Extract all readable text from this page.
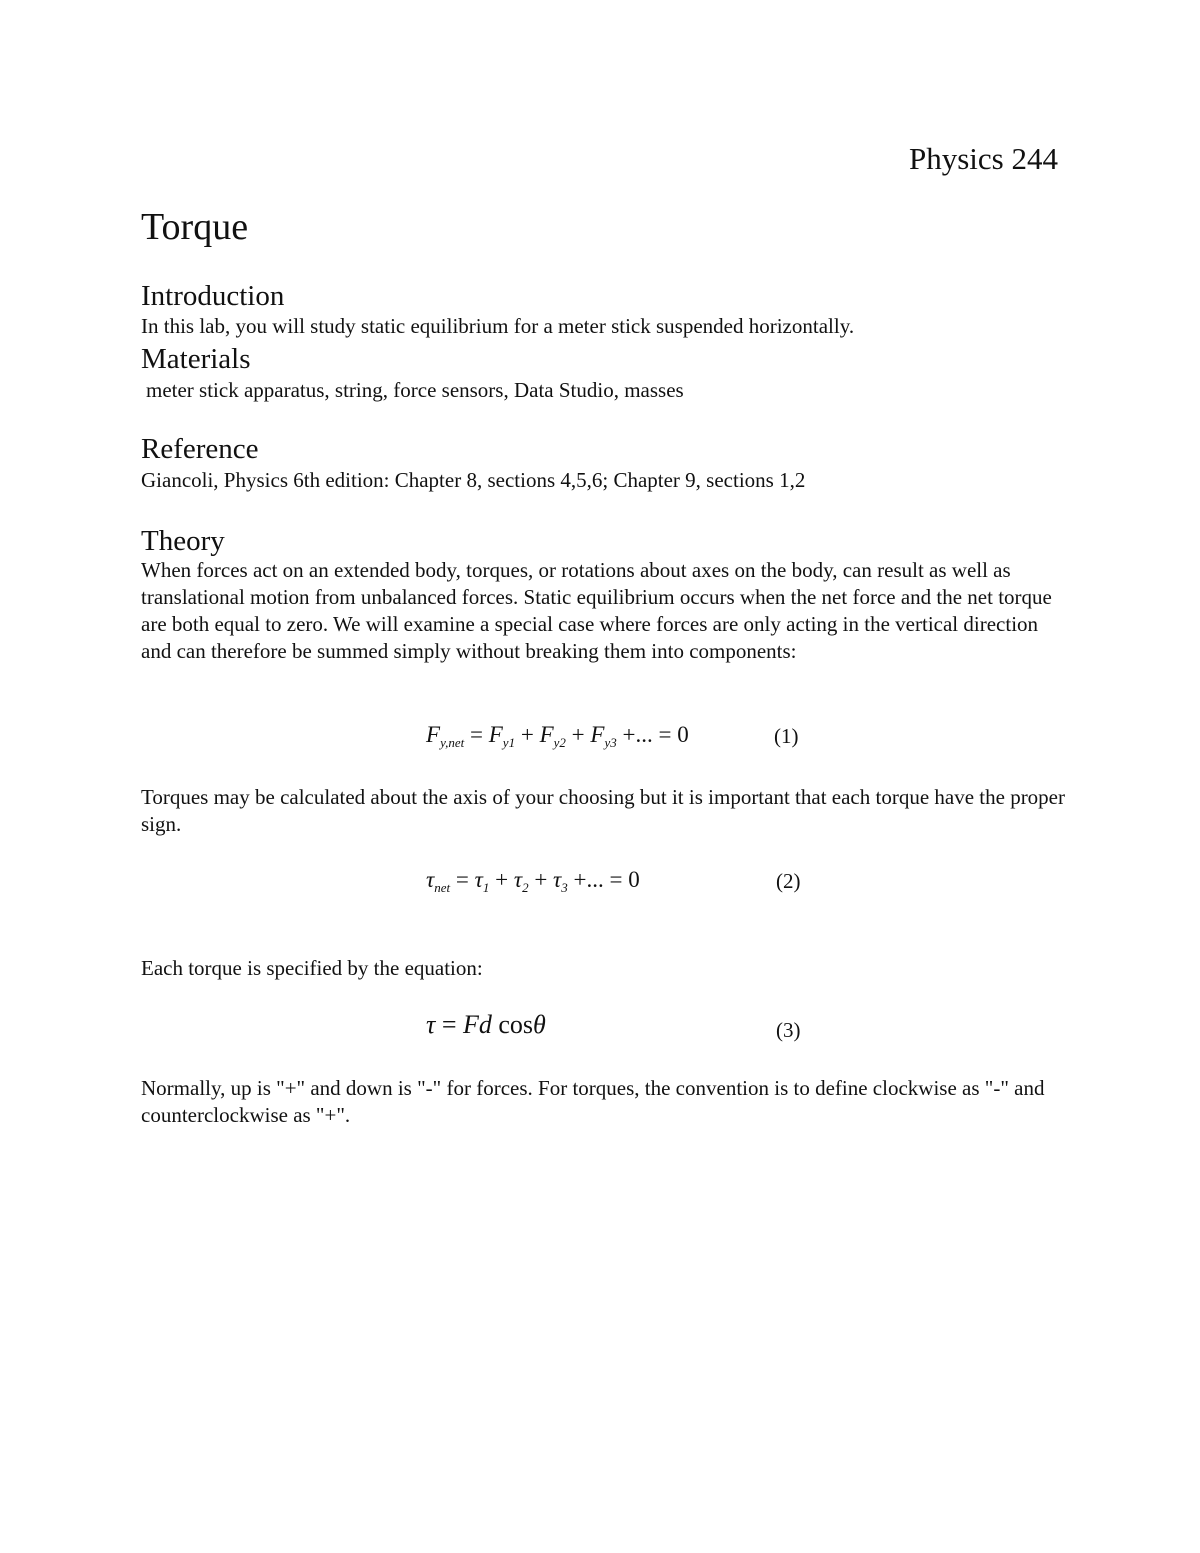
Physics 244
Torque
Introduction
In this lab, you will study static equilibrium for a meter stick suspended horizontally.
Materials
meter stick apparatus, string, force sensors, Data Studio, masses
Reference
Giancoli, Physics 6th edition: Chapter 8, sections 4,5,6; Chapter 9, sections 1,2
Theory
When forces act on an extended body, torques, or rotations about axes on the body, can result as well as translational motion from unbalanced forces. Static equilibrium occurs when the net force and the net torque are both equal to zero. We will examine a special case where forces are only acting in the vertical direction and can therefore be summed simply without breaking them into components:
$F_{y,net} = F_{y1} + F_{y2} + F_{y3}$ +... = 0	(1)
Torques may be calculated about the axis of your choosing but it is important that each torque have the proper sign.
$\tau_{net} = \tau_1 + \tau_2 + \tau_3$ +... = 0	(2)
Each torque is specified by the equation:
τ = Fd cosθ	(3)
Normally, up is "+" and down is "-" for forces. For torques, the convention is to define clockwise as "-" and counterclockwise as "+".
